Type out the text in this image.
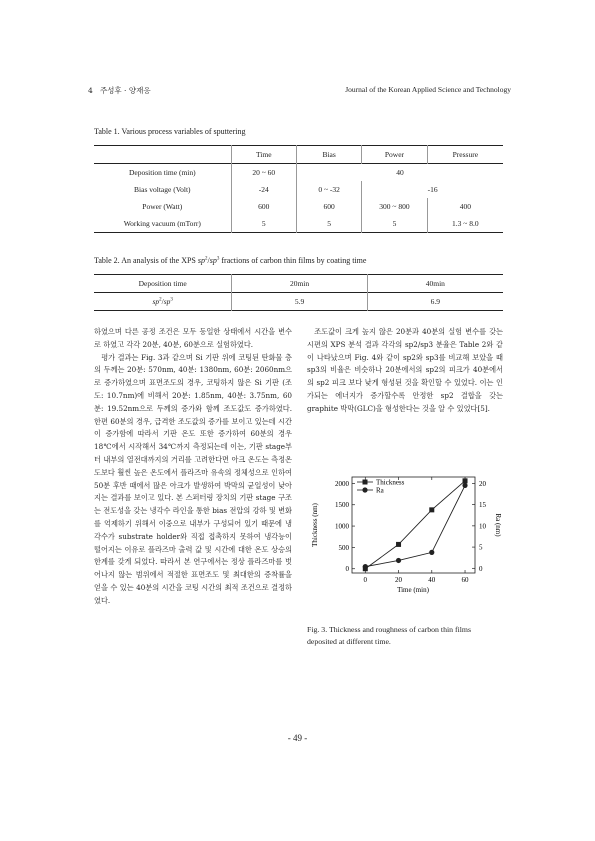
4 주성후 · 양재응	Journal of the Korean Applied Science and Technology
Table 1. Various process variables of sputtering
	Time	Bias	Power	Pressure
Deposition time (min)	20 ~ 60	40		
Bias voltage (Volt)	-24	0 ~ -32	-16	
Power (Watt)	600	600	300 ~ 800	400
Working vacuum (mTorr)	5	5	5	1.3 ~ 8.0
Table 2. An analysis of the XPS $sp^2/sp^3$ fractions of carbon thin films by coating time
Deposition time	20min	40min
$sp^2/sp^3$	5.9	6.9

하였으며 다른 공정 조건은 모두 동일한 상태에서 시간을 변수로 하였고 각각 20분, 40분, 60분으로 실험하였다.

평가 결과는 Fig. 3과 같으며 Si 기판 위에 코팅된 탄화물 층의 두께는 20분: 570nm, 40분: 1380nm, 60분: 2060nm으로 증가하였으며 표면조도의 경우, 코팅하지 않은 Si 기판 (조도: 10.7nm)에 비해서 20분: 1.85nm, 40분: 3.75nm, 60분: 19.52nm으로 두께의 증가와 함께 조도값도 증가하였다. 한편 60분의 경우, 급격한 조도값의 증가를 보이고 있는데 시간이 증가함에 따라서 기판 온도 또한 증가하여 60분의 경우 18℃에서 시작해서 34℃까지 측정되는데 이는, 기판 stage부터 내부의 열전대까지의 거리를 고려한다면 아크 온도는 측정온도보다 훨씬 높은 온도에서 플라즈마 유속의 정체성으로 인하여 50분 후반 때에서 많은 아크가 발생하여 박막의 균일성이 낮아지는 결과를 보이고 있다. 본 스퍼터링 장치의 기판 stage 구조는 전도성을 갖는 냉각수 라인을 통한 bias 전압의 강하 및 변화를 억제하기 위해서 이중으로 내부가 구성되어 있기 때문에 냉각수가 substrate holder와 직접 접촉하지 못하여 냉각능이 떨어지는 이유로 플라즈마 출력 값 및 시간에 대한 온도 상승의 한계를 갖게 되었다. 따라서 본 연구에서는 정상 플라즈마를 벗어나지 않는 범위에서 적절한 표면조도 및 최대한의 증착률을 얻을 수 있는 40분의 시간을 코팅 시간의 최적 조건으로 결정하였다.

조도값이 크게 높지 않은 20분과 40분의 실험 변수를 갖는 시편의 XPS 분석 결과 각각의 sp2/sp3 분율은 Table 2와 같이 나타났으며 Fig. 4와 같이 sp2와 sp3를 비교해 보았을 때 sp3의 비율은 비슷하나 20분에서의 sp2의 피크가 40분에서의 sp2 피크 보다 낮게 형성된 것을 확인할 수 있었다. 이는 인가되는 에너지가 증가할수록 안정한 sp2 결합을 갖는 graphite 박막(GLC)을 형성한다는 것을 알 수 있었다[5].

0	20	40	60
0
500
1000
1500
2000
0
5
10
15
20
Thickness
Ra
Time (min)
Thickness (nm)	Ra (nm)
Fig. 3. Thickness and roughness of carbon thin films deposited at different time.
- 49 -
